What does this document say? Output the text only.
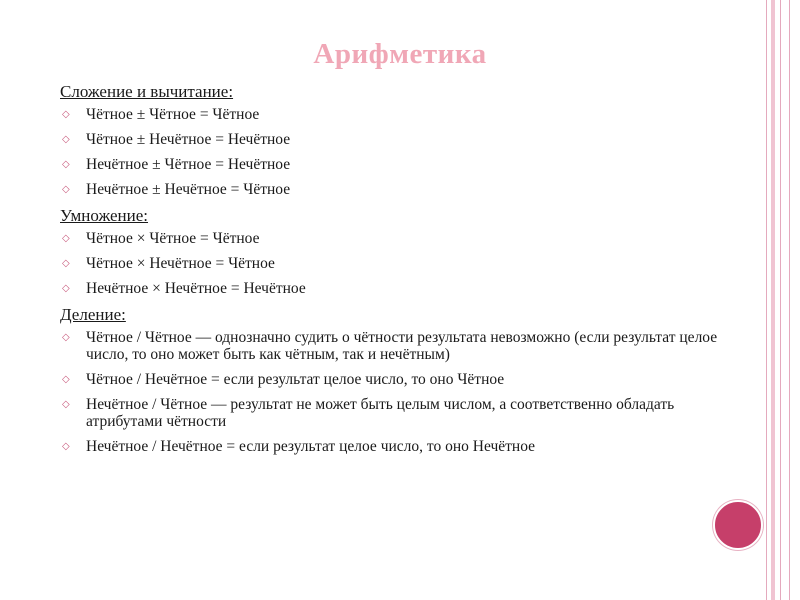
Арифметика
Сложение и вычитание:
◇ Чётное ± Чётное = Чётное
◇ Чётное ± Нечётное = Нечётное
◇ Нечётное ± Чётное = Нечётное
◇ Нечётное ± Нечётное = Чётное
Умножение:
◇ Чётное × Чётное = Чётное
◇ Чётное × Нечётное = Чётное
◇ Нечётное × Нечётное = Нечётное
Деление:
◇ Чётное / Чётное — однозначно судить о чётности результата невозможно (если результат целое число, то оно может быть как чётным, так и нечётным)
◇ Чётное / Нечётное = если результат целое число, то оно Чётное
◇ Нечётное / Чётное — результат не может быть целым числом, а соответственно обладать атрибутами чётности
◇ Нечётное / Нечётное = если результат целое число, то оно Нечётное
